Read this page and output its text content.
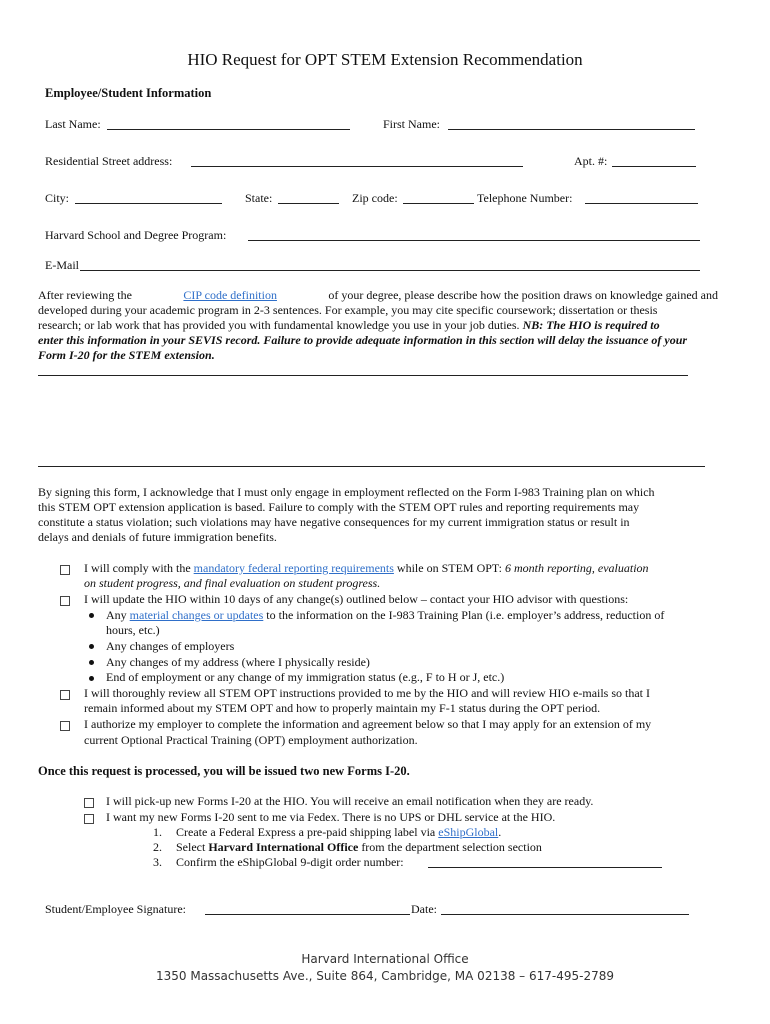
HIO Request for OPT STEM Extension Recommendation
Employee/Student Information
Last Name:	First Name:
Residential Street address:	Apt. #:
City:	State:	Zip code:	Telephone Number:
Harvard School and Degree Program:
E-Mail
After reviewing the	CIP code definition	of your degree, please describe how the position draws on knowledge gained and
developed during your academic program in 2-3 sentences. For example, you may cite specific coursework; dissertation or thesis
research; or lab work that has provided you with fundamental knowledge you use in your job duties. NB: The HIO is required to
enter this information in your SEVIS record. Failure to provide adequate information in this section will delay the issuance of your
Form I-20 for the STEM extension.
By signing this form, I acknowledge that I must only engage in employment reflected on the Form I-983 Training plan on which
this STEM OPT extension application is based. Failure to comply with the STEM OPT rules and reporting requirements may
constitute a status violation; such violations may have negative consequences for my current immigration status or result in
delays and denials of future immigration benefits.
I will comply with the mandatory federal reporting requirements while on STEM OPT: 6 month reporting, evaluation
on student progress, and final evaluation on student progress.
I will update the HIO within 10 days of any change(s) outlined below – contact your HIO advisor with questions:
Any material changes or updates to the information on the I-983 Training Plan (i.e. employer’s address, reduction of
hours, etc.)
Any changes of employers
Any changes of my address (where I physically reside)
End of employment or any change of my immigration status (e.g., F to H or J, etc.)
I will thoroughly review all STEM OPT instructions provided to me by the HIO and will review HIO e-mails so that I
remain informed about my STEM OPT and how to properly maintain my F-1 status during the OPT period.
I authorize my employer to complete the information and agreement below so that I may apply for an extension of my
current Optional Practical Training (OPT) employment authorization.
Once this request is processed, you will be issued two new Forms I-20.
I will pick-up new Forms I-20 at the HIO. You will receive an email notification when they are ready.
I want my new Forms I-20 sent to me via Fedex. There is no UPS or DHL service at the HIO.
1. Create a Federal Express a pre-paid shipping label via eShipGlobal.
2. Select Harvard International Office from the department selection section
3. Confirm the eShipGlobal 9-digit order number:
Student/Employee Signature:	Date:
Harvard International Office
1350 Massachusetts Ave., Suite 864, Cambridge, MA 02138 – 617-495-2789
